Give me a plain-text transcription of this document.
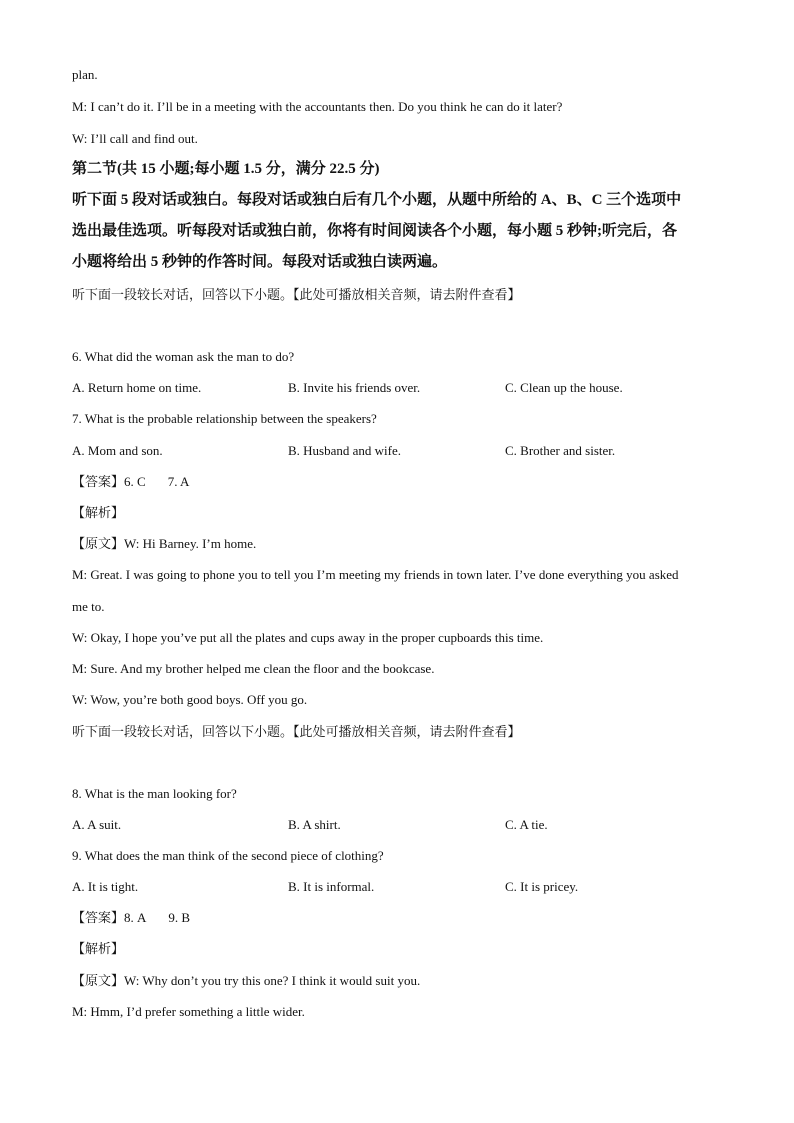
plan.
M: I can’t do it. I’ll be in a meeting with the accountants then. Do you think he can do it later?
W: I’ll call and find out.
第二节(共 15 小题;每小题 1.5 分，满分 22.5 分)
听下面 5 段对话或独白。每段对话或独白后有几个小题，从题中所给的 A、B、C 三个选项中
选出最佳选项。听每段对话或独白前，你将有时间阅读各个小题，每小题 5 秒钟;听完后，各
小题将给出 5 秒钟的作答时间。每段对话或独白读两遍。
听下面一段较长对话，回答以下小题。【此处可播放相关音频，请去附件查看】
6. What did the woman ask the man to do?
A. Return home on time.	B. Invite his friends over.	C. Clean up the house.
7. What is the probable relationship between the speakers?
A. Mom and son.	B. Husband and wife.	C. Brother and sister.
【答案】6. C 7. A
【解析】
【原文】W: Hi Barney. I’m home.
M: Great. I was going to phone you to tell you I’m meeting my friends in town later. I’ve done everything you asked
me to.
W: Okay, I hope you’ve put all the plates and cups away in the proper cupboards this time.
M: Sure. And my brother helped me clean the floor and the bookcase.
W: Wow, you’re both good boys. Off you go.
听下面一段较长对话，回答以下小题。【此处可播放相关音频，请去附件查看】
8. What is the man looking for?
A. A suit.	B. A shirt.	C. A tie.
9. What does the man think of the second piece of clothing?
A. It is tight.	B. It is informal.	C. It is pricey.
【答案】8. A 9. B
【解析】
【原文】W: Why don’t you try this one? I think it would suit you.
M: Hmm, I’d prefer something a little wider.
